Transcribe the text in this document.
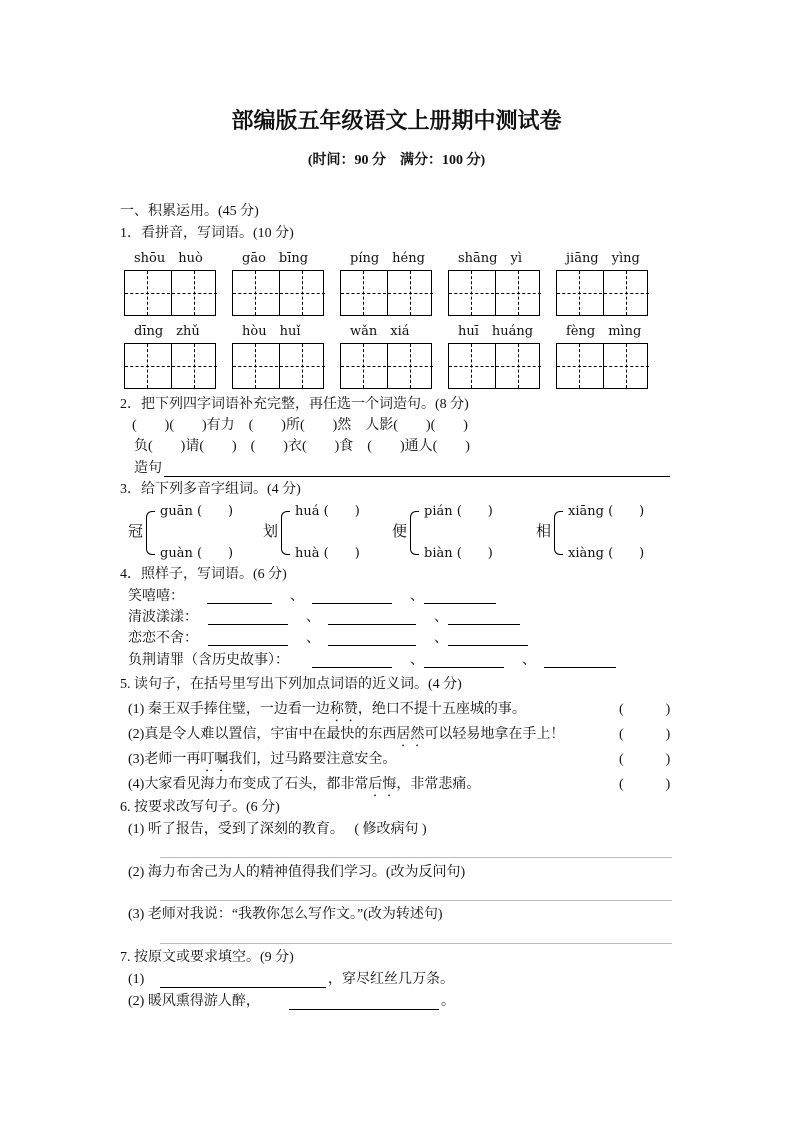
部编版五年级语文上册期中测试卷
(时间：90 分　满分：100 分)
一、积累运用。(45 分)
1．看拼音，写词语。(10 分)
shōu　huò	gāo　bīng	píng　héng	shāng　yì	jiāng　yìng
dīng　zhǔ	hòu　huǐ	wǎn　xiá	huī　huáng	fèng　mìng
2．把下列四字词语补充完整，再任选一个词造句。(8 分)
(　　)(　　)有力　(　　)所(　　)然　人影(　　)(　　)
负(　　)请(　　)　(　　)衣(　　)食　(　　)通人(　　)
造句
3．给下列多音字组词。(4 分)
冠
guān (　　)
guàn (　　)
划
huá (　　)
huà (　　)
便
pián (　　)
biàn (　　)
相
xiāng (　　)
xiàng (　　)
4．照样子，写词语。(6 分)
笑嘻嘻：	、	、
清波漾漾：	、	、
恋恋不舍：	、	、
负荆请罪（含历史故事）：	、	、
5. 读句子，在括号里写出下列加点词语的近义词。(4 分)
(1) 秦王双手捧住璧，一边看一边称赞，绝口不提十五座城的事。	(　　　)
(2)真是令人难以置信，宇宙中在最快的东西居然可以轻易地拿在手上！	(　　　)
(3)老师一再叮嘱我们，过马路要注意安全。	(　　　)
(4)大家看见海力布变成了石头，都非常后悔，非常悲痛。	(　　　)
6. 按要求改写句子。(6 分)
(1) 听了报告，受到了深刻的教育。　 ( 修改病句 )
(2) 海力布舍己为人的精神值得我们学习。(改为反问句)
(3) 老师对我说：“我教你怎么写作文。”(改为转述句)
7. 按原文或要求填空。(9 分)
(1)	，穿尽红丝几万条。
(2) 暖风熏得游人醉，	。
